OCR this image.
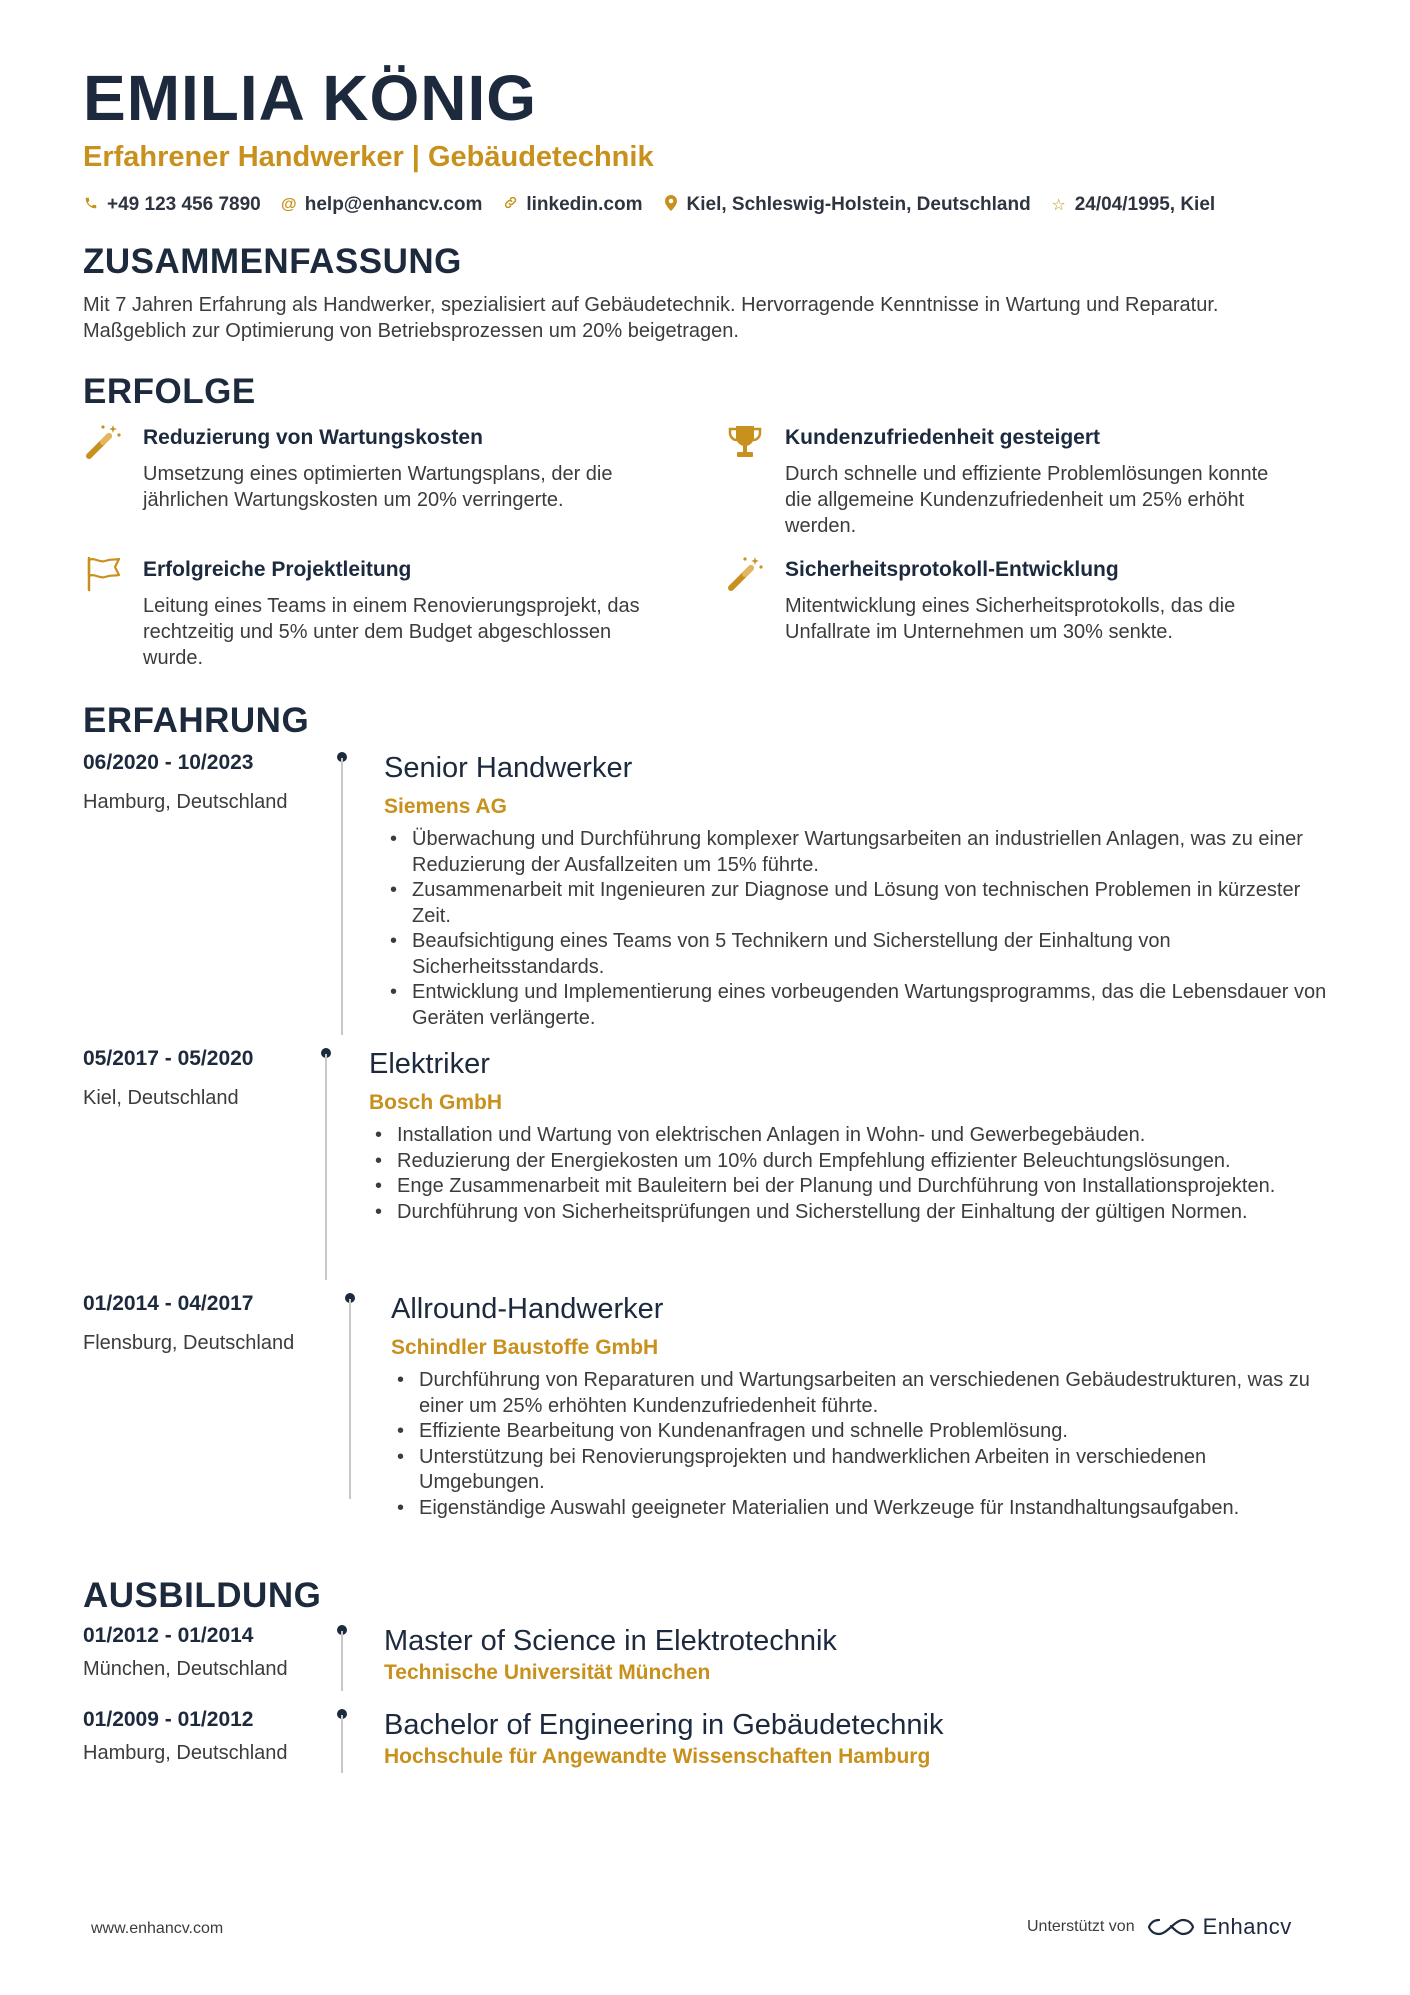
EMILIA KÖNIG
Erfahrener Handwerker | Gebäudetechnik
+49 123 456 7890 @ help@enhancv.com linkedin.com Kiel, Schleswig-Holstein, Deutschland ☆ 24/04/1995, Kiel
ZUSAMMENFASSUNG
Mit 7 Jahren Erfahrung als Handwerker, spezialisiert auf Gebäudetechnik. Hervorragende Kenntnisse in Wartung und Reparatur. Maßgeblich zur Optimierung von Betriebsprozessen um 20% beigetragen.
ERFOLGE
Reduzierung von Wartungskosten
Umsetzung eines optimierten Wartungsplans, der die jährlichen Wartungskosten um 20% verringerte.
Kundenzufriedenheit gesteigert
Durch schnelle und effiziente Problemlösungen konnte die allgemeine Kundenzufriedenheit um 25% erhöht werden.
Erfolgreiche Projektleitung
Leitung eines Teams in einem Renovierungsprojekt, das rechtzeitig und 5% unter dem Budget abgeschlossen wurde.
Sicherheitsprotokoll-Entwicklung
Mitentwicklung eines Sicherheitsprotokolls, das die Unfallrate im Unternehmen um 30% senkte.
ERFAHRUNG
06/2020 - 10/2023
Hamburg, Deutschland
Senior Handwerker
Siemens AG
• Überwachung und Durchführung komplexer Wartungsarbeiten an industriellen Anlagen, was zu einer Reduzierung der Ausfallzeiten um 15% führte.
• Zusammenarbeit mit Ingenieuren zur Diagnose und Lösung von technischen Problemen in kürzester Zeit.
• Beaufsichtigung eines Teams von 5 Technikern und Sicherstellung der Einhaltung von Sicherheitsstandards.
• Entwicklung und Implementierung eines vorbeugenden Wartungsprogramms, das die Lebensdauer von Geräten verlängerte.
05/2017 - 05/2020
Kiel, Deutschland
Elektriker
Bosch GmbH
• Installation und Wartung von elektrischen Anlagen in Wohn- und Gewerbegebäuden.
• Reduzierung der Energiekosten um 10% durch Empfehlung effizienter Beleuchtungslösungen.
• Enge Zusammenarbeit mit Bauleitern bei der Planung und Durchführung von Installationsprojekten.
• Durchführung von Sicherheitsprüfungen und Sicherstellung der Einhaltung der gültigen Normen.
01/2014 - 04/2017
Flensburg, Deutschland
Allround-Handwerker
Schindler Baustoffe GmbH
• Durchführung von Reparaturen und Wartungsarbeiten an verschiedenen Gebäudestrukturen, was zu einer um 25% erhöhten Kundenzufriedenheit führte.
• Effiziente Bearbeitung von Kundenanfragen und schnelle Problemlösung.
• Unterstützung bei Renovierungsprojekten und handwerklichen Arbeiten in verschiedenen Umgebungen.
• Eigenständige Auswahl geeigneter Materialien und Werkzeuge für Instandhaltungsaufgaben.
AUSBILDUNG
01/2012 - 01/2014
München, Deutschland
Master of Science in Elektrotechnik
Technische Universität München
01/2009 - 01/2012
Hamburg, Deutschland
Bachelor of Engineering in Gebäudetechnik
Hochschule für Angewandte Wissenschaften Hamburg
www.enhancv.com	Unterstützt von	Enhancv
